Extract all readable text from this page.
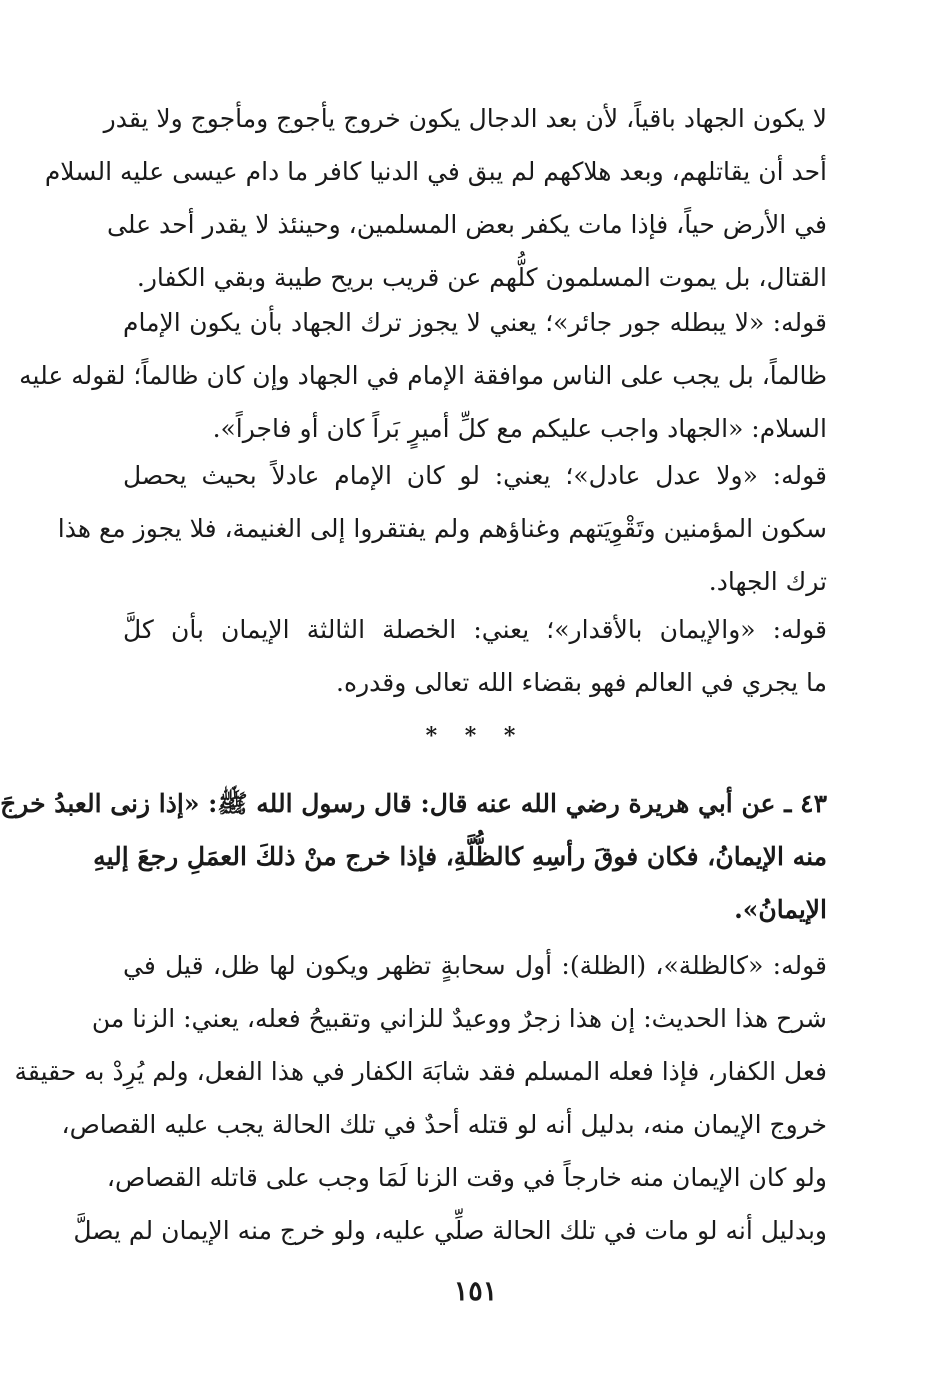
لا يكون الجهاد باقياً، لأن بعد الدجال يكون خروج يأجوج ومأجوج ولا يقدر
أحد أن يقاتلهم، وبعد هلاكهم لم يبق في الدنيا كافر ما دام عيسى عليه السلام
في الأرض حياً، فإذا مات يكفر بعض المسلمين، وحينئذ لا يقدر أحد على
القتال، بل يموت المسلمون كلُّهم عن قريب بريح طيبة وبقي الكفار.
قوله: «لا يبطله جور جائر»؛ يعني لا يجوز ترك الجهاد بأن يكون الإمام
ظالماً، بل يجب على الناس موافقة الإمام في الجهاد وإن كان ظالماً؛ لقوله عليه
السلام: «الجهاد واجب عليكم مع كلِّ أميرٍ بَراً كان أو فاجراً».
قوله: «ولا عدل عادل»؛ يعني: لو كان الإمام عادلاً بحيث يحصل
سكون المؤمنين وتَقْوِيَتهم وغناؤهم ولم يفتقروا إلى الغنيمة، فلا يجوز مع هذا
ترك الجهاد.
قوله: «والإيمان بالأقدار»؛ يعني: الخصلة الثالثة الإيمان بأن كلَّ
ما يجري في العالم فهو بقضاء الله تعالى وقدره.
* * *
٤٣ ـ عن أبي هريرة رضي الله عنه قال: قال رسول الله ﷺ: «إذا زنى العبدُ خرجَ
منه الإيمانُ، فكان فوقَ رأسِهِ كالظُّلَّةِ، فإذا خرج منْ ذلكَ العمَلِ رجعَ إليهِ
الإيمانُ».
قوله: «كالظلة»، (الظلة): أول سحابةٍ تظهر ويكون لها ظل، قيل في
شرح هذا الحديث: إن هذا زجرٌ ووعيدٌ للزاني وتقبيحُ فعله، يعني: الزنا من
فعل الكفار، فإذا فعله المسلم فقد شابَهَ الكفار في هذا الفعل، ولم يُرِدْ به حقيقة
خروج الإيمان منه، بدليل أنه لو قتله أحدٌ في تلك الحالة يجب عليه القصاص،
ولو كان الإيمان منه خارجاً في وقت الزنا لَمَا وجب على قاتله القصاص،
وبدليل أنه لو مات في تلك الحالة صلِّي عليه، ولو خرج منه الإيمان لم يصلَّ
١٥١
